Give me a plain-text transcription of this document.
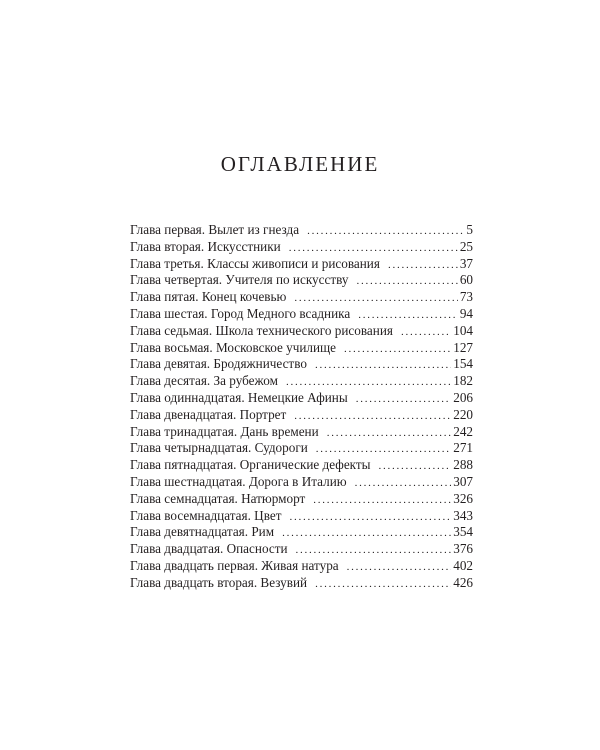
ОГЛАВЛЕНИЕ
Глава первая. Вылет из гнезда . . .	5
Глава вторая. Искусстники . . .	25
Глава третья. Классы живописи и рисования . . .	37
Глава четвертая. Учителя по искусству . . .	60
Глава пятая. Конец кочевью . . .	73
Глава шестая. Город Медного всадника . . .	94
Глава седьмая. Школа технического рисования . . .	104
Глава восьмая. Московское училище . . .	127
Глава девятая. Бродяжничество . . .	154
Глава десятая. За рубежом . . .	182
Глава одиннадцатая. Немецкие Афины . . .	206
Глава двенадцатая. Портрет . . .	220
Глава тринадцатая. Дань времени . . .	242
Глава четырнадцатая. Судороги . . .	271
Глава пятнадцатая. Органические дефекты . . .	288
Глава шестнадцатая. Дорога в Италию . . .	307
Глава семнадцатая. Натюрморт . . .	326
Глава восемнадцатая. Цвет . . .	343
Глава девятнадцатая. Рим . . .	354
Глава двадцатая. Опасности . . .	376
Глава двадцать первая. Живая натура . . .	402
Глава двадцать вторая. Везувий . . .	426
